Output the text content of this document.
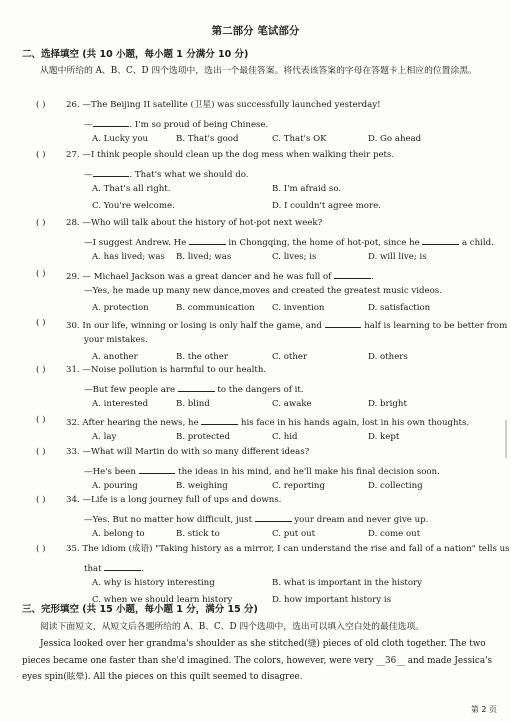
第二部分 笔试部分
二、选择填空 (共 10 小题，每小题 1 分满分 10 分)
从题中所给的 A、B、C、D 四个选项中，选出一个最佳答案。将代表该答案的字母在答题卡上相应的位置涂黑。
( ) 26. —The Beijing II satellite (卫星) was successfully launched yesterday!
—	. I'm so proud of being Chinese.
A. Lucky you	B. That's good	C. That's OK	D. Go ahead
( ) 27. —I think people should clean up the dog mess when walking their pets.
—	. That's what we should do.
A. That's all right.	B. I'm afraid so.
C. You're welcome.	D. I couldn't agree more.
( ) 28. —Who will talk about the history of hot-pot next week?
—I suggest Andrew. He	in Chongqing, the home of hot-pot, since he	a child.
A. has lived; was B. lived; was	C. lives; is	D. will live; is
( ) 29. — Michael Jackson was a great dancer and he was full of	.
—Yes, he made up many new dance,moves and created the greatest music videos.
A. protection	B. communication C. invention	D. satisfaction
( ) 30. In our life, winning or losing is only half the game, and	half is learning to be better from
your mistakes.
A. another	B. the other	C. other	D. others
( ) 31. —Noise pollution is harmful to our health.
—But few people are	to the dangers of it.
A. interested	B. blind	C. awake	D. bright
( ) 32. After hearing the news, he	his face in his hands again, lost in his own thoughts.
A. lay	B. protected	C. hid	D. kept
( ) 33. —What will Martin do with so many different ideas?
—He's been	the ideas in his mind, and he'll make his final decision soon.
A. pouring	B. weighing	C. reporting	D. collecting
( ) 34. —Life is a long journey full of ups and downs.
—Yes. But no matter how difficult, just	your dream and never give up.
A. belong to	B. stick to	C. put out	D. come out
( ) 35. The idiom (成语) "Taking history as a mirror, I can understand the rise and fall of a nation" tells us
that	.
A. why is history interesting	B. what is important in the history
C. when we should learn history	D. how important history is
三、完形填空 (共 15 小题，每小题 1 分，满分 15 分)
阅读下面短文，从短文后各题所给的 A、B、C、D 四个选项中，选出可以填入空白处的最佳选项。
Jessica looked over her grandma's shoulder as she stitched(缝) pieces of old cloth together. The two pieces became one faster than she'd imagined. The colors, however, were very __36__ and made Jessica's eyes spin(眩晕). All the pieces on this quilt seemed to disagree.
第 2 页
